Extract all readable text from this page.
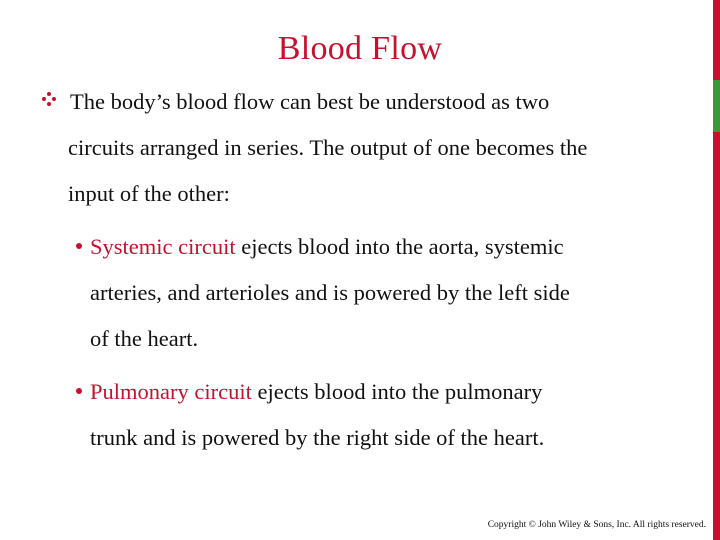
Blood Flow
The body’s blood flow can best be understood as two
circuits arranged in series. The output of one becomes the
input of the other:
Systemic circuit ejects blood into the aorta, systemic
arteries, and arterioles and is powered by the left side
of the heart.
Pulmonary circuit ejects blood into the pulmonary
trunk and is powered by the right side of the heart.
Copyright © John Wiley & Sons, Inc. All rights reserved.
